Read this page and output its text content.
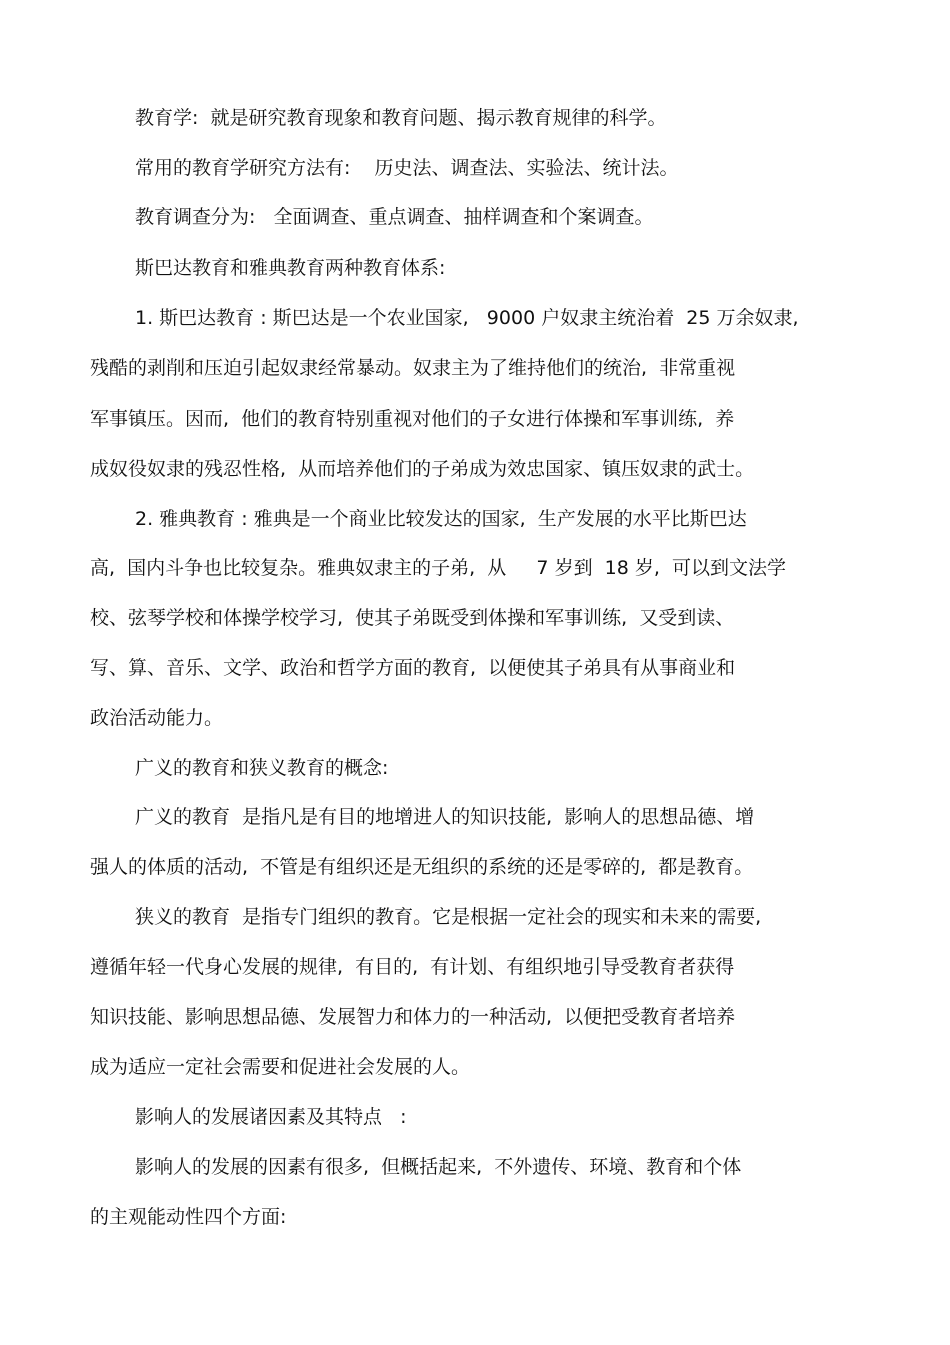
教育学:  就是研究教育现象和教育问题、揭示教育规律的科学。
常用的教育学研究方法有:    历史法、调查法、实验法、统计法。
教育调查分为:   全面调查、重点调查、抽样调查和个案调查。
斯巴达教育和雅典教育两种教育体系:
1. 斯巴达教育 : 斯巴达是一个农业国家,   9000 户奴隶主统治着  25 万余奴隶,
残酷的剥削和压迫引起奴隶经常暴动。奴隶主为了维持他们的统治,  非常重视
军事镇压。因而,  他们的教育特别重视对他们的子女进行体操和军事训练,  养
成奴役奴隶的残忍性格,  从而培养他们的子弟成为效忠国家、镇压奴隶的武士。
2. 雅典教育 : 雅典是一个商业比较发达的国家,  生产发展的水平比斯巴达
高,  国内斗争也比较复杂。雅典奴隶主的子弟,  从     7 岁到  18 岁,  可以到文法学
校、弦琴学校和体操学校学习,  使其子弟既受到体操和军事训练,  又受到读、
写、算、音乐、文学、政治和哲学方面的教育,  以便使其子弟具有从事商业和
政治活动能力。
广义的教育和狭义教育的概念:
广义的教育  是指凡是有目的地增进人的知识技能,  影响人的思想品德、增
强人的体质的活动,  不管是有组织还是无组织的系统的还是零碎的,  都是教育。
狭义的教育  是指专门组织的教育。它是根据一定社会的现实和未来的需要,
遵循年轻一代身心发展的规律,  有目的,  有计划、有组织地引导受教育者获得
知识技能、影响思想品德、发展智力和体力的一种活动,  以便把受教育者培养
成为适应一定社会需要和促进社会发展的人。
影响人的发展诸因素及其特点   :
影响人的发展的因素有很多,  但概括起来,  不外遗传、环境、教育和个体
的主观能动性四个方面:
